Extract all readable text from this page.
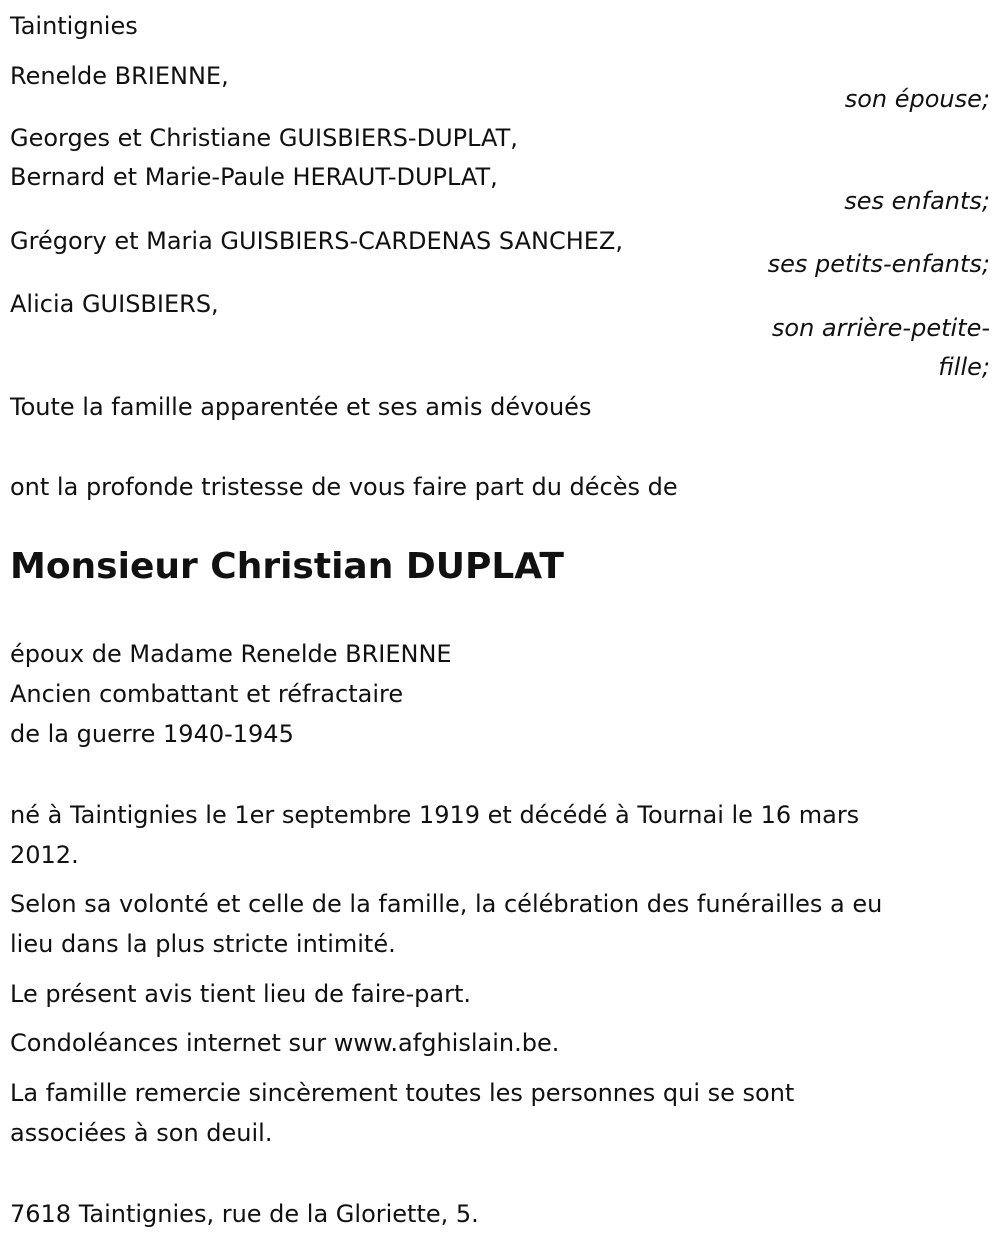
Taintignies

Renelde BRIENNE,

son épouse;

Georges et Christiane GUISBIERS-DUPLAT,

Bernard et Marie-Paule HERAUT-DUPLAT,

ses enfants;

Grégory et Maria GUISBIERS-CARDENAS SANCHEZ,

ses petits-enfants;

Alicia GUISBIERS,

son arrière-petite-

fille;

Toute la famille apparentée et ses amis dévoués

ont la profonde tristesse de vous faire part du décès de

Monsieur Christian DUPLAT

époux de Madame Renelde BRIENNE

Ancien combattant et réfractaire

de la guerre 1940-1945

né à Taintignies le 1er septembre 1919 et décédé à Tournai le 16 mars

2012.

Selon sa volonté et celle de la famille, la célébration des funérailles a eu

lieu dans la plus stricte intimité.

Le présent avis tient lieu de faire-part.

Condoléances internet sur www.afghislain.be.

La famille remercie sincèrement toutes les personnes qui se sont

associées à son deuil.

7618 Taintignies, rue de la Gloriette, 5.
